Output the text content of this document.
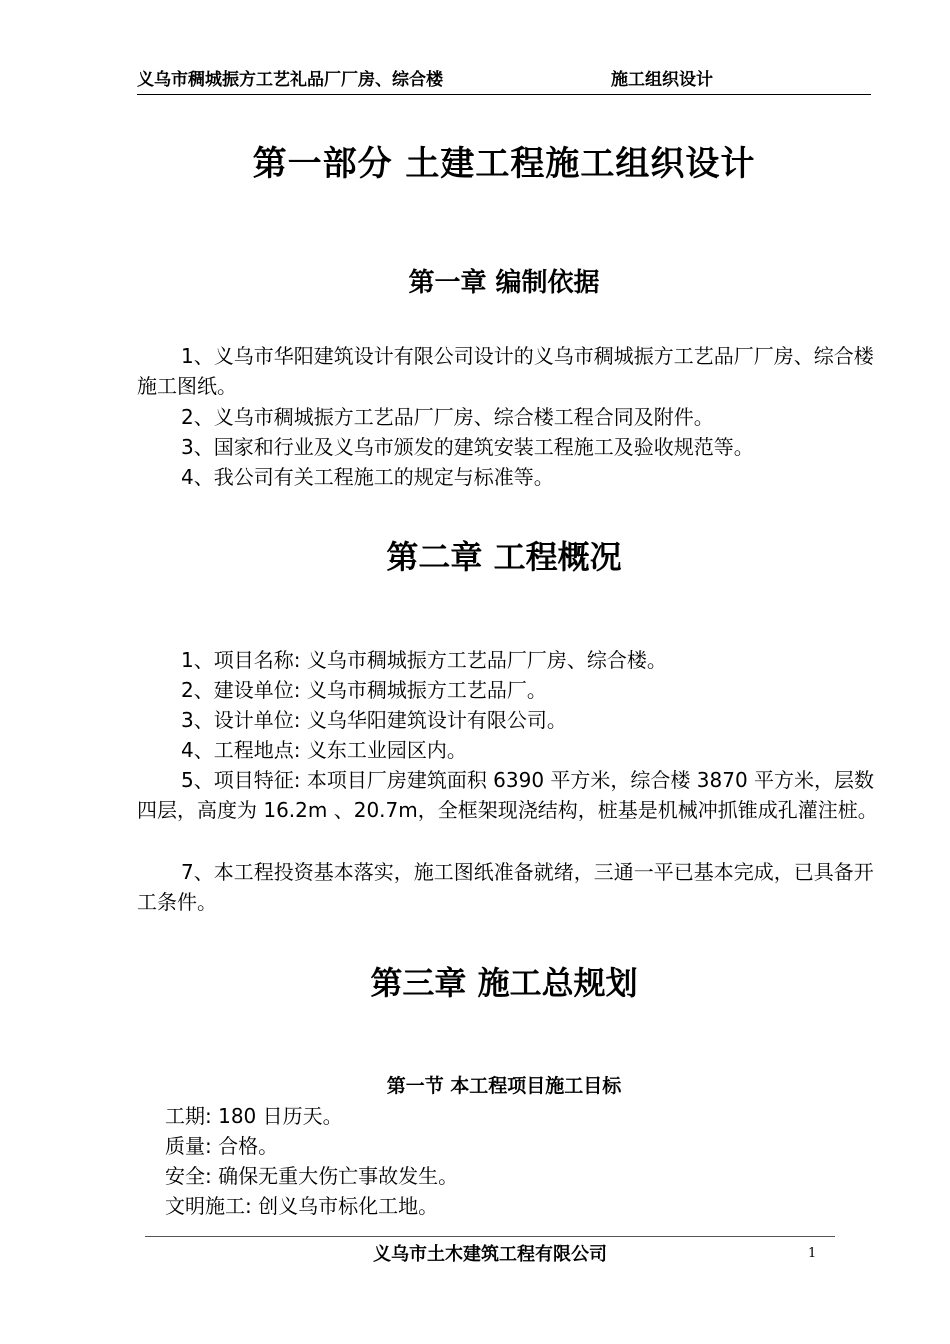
义乌市稠城振方工艺礼品厂厂房、综合楼	施工组织设计
第一部分 土建工程施工组织设计
第一章 编制依据

1、义乌市华阳建筑设计有限公司设计的义乌市稠城振方工艺品厂厂房、综合楼施工图纸。

2、义乌市稠城振方工艺品厂厂房、综合楼工程合同及附件。

3、国家和行业及义乌市颁发的建筑安装工程施工及验收规范等。

4、我公司有关工程施工的规定与标准等。

第二章 工程概况

1、项目名称: 义乌市稠城振方工艺品厂厂房、综合楼。

2、建设单位: 义乌市稠城振方工艺品厂。

3、设计单位: 义乌华阳建筑设计有限公司。

4、工程地点: 义东工业园区内。

5、项目特征: 本项目厂房建筑面积 6390 平方米，综合楼 3870 平方米，层数四层，高度为 16.2m 、20.7m，全框架现浇结构，桩基是机械冲抓锥成孔灌注桩。

7、本工程投资基本落实，施工图纸准备就绪，三通一平已基本完成，已具备开工条件。

第三章 施工总规划
第一节 本工程项目施工目标
工期: 180 日历天。
质量: 合格。
安全: 确保无重大伤亡事故发生。
文明施工: 创义乌市标化工地。
义乌市土木建筑工程有限公司	1
